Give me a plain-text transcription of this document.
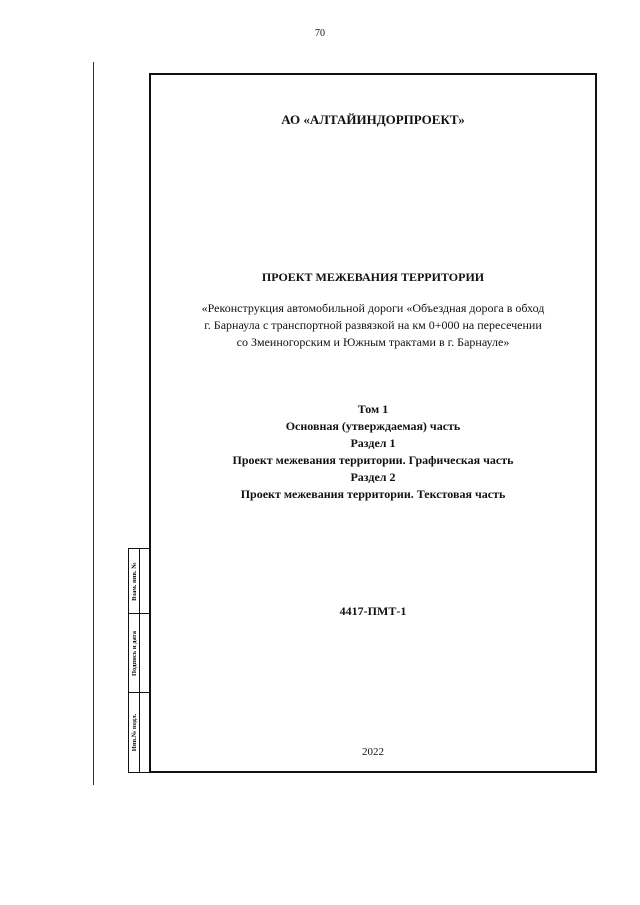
70
Взам. инв. №
Подпись и дата
Инв.№ подл.
АО «АЛТАЙИНДОРПРОЕКТ»
ПРОЕКТ МЕЖЕВАНИЯ ТЕРРИТОРИИ
«Реконструкция автомобильной дороги «Объездная дорога в обход
г. Барнаула с транспортной развязкой на км 0+000 на пересечении
со Змеиногорским и Южным трактами в г. Барнауле»
Том 1
Основная (утверждаемая) часть
Раздел 1
Проект межевания территории. Графическая часть
Раздел 2
Проект межевания территории. Текстовая часть
4417-ПМТ-1
2022
